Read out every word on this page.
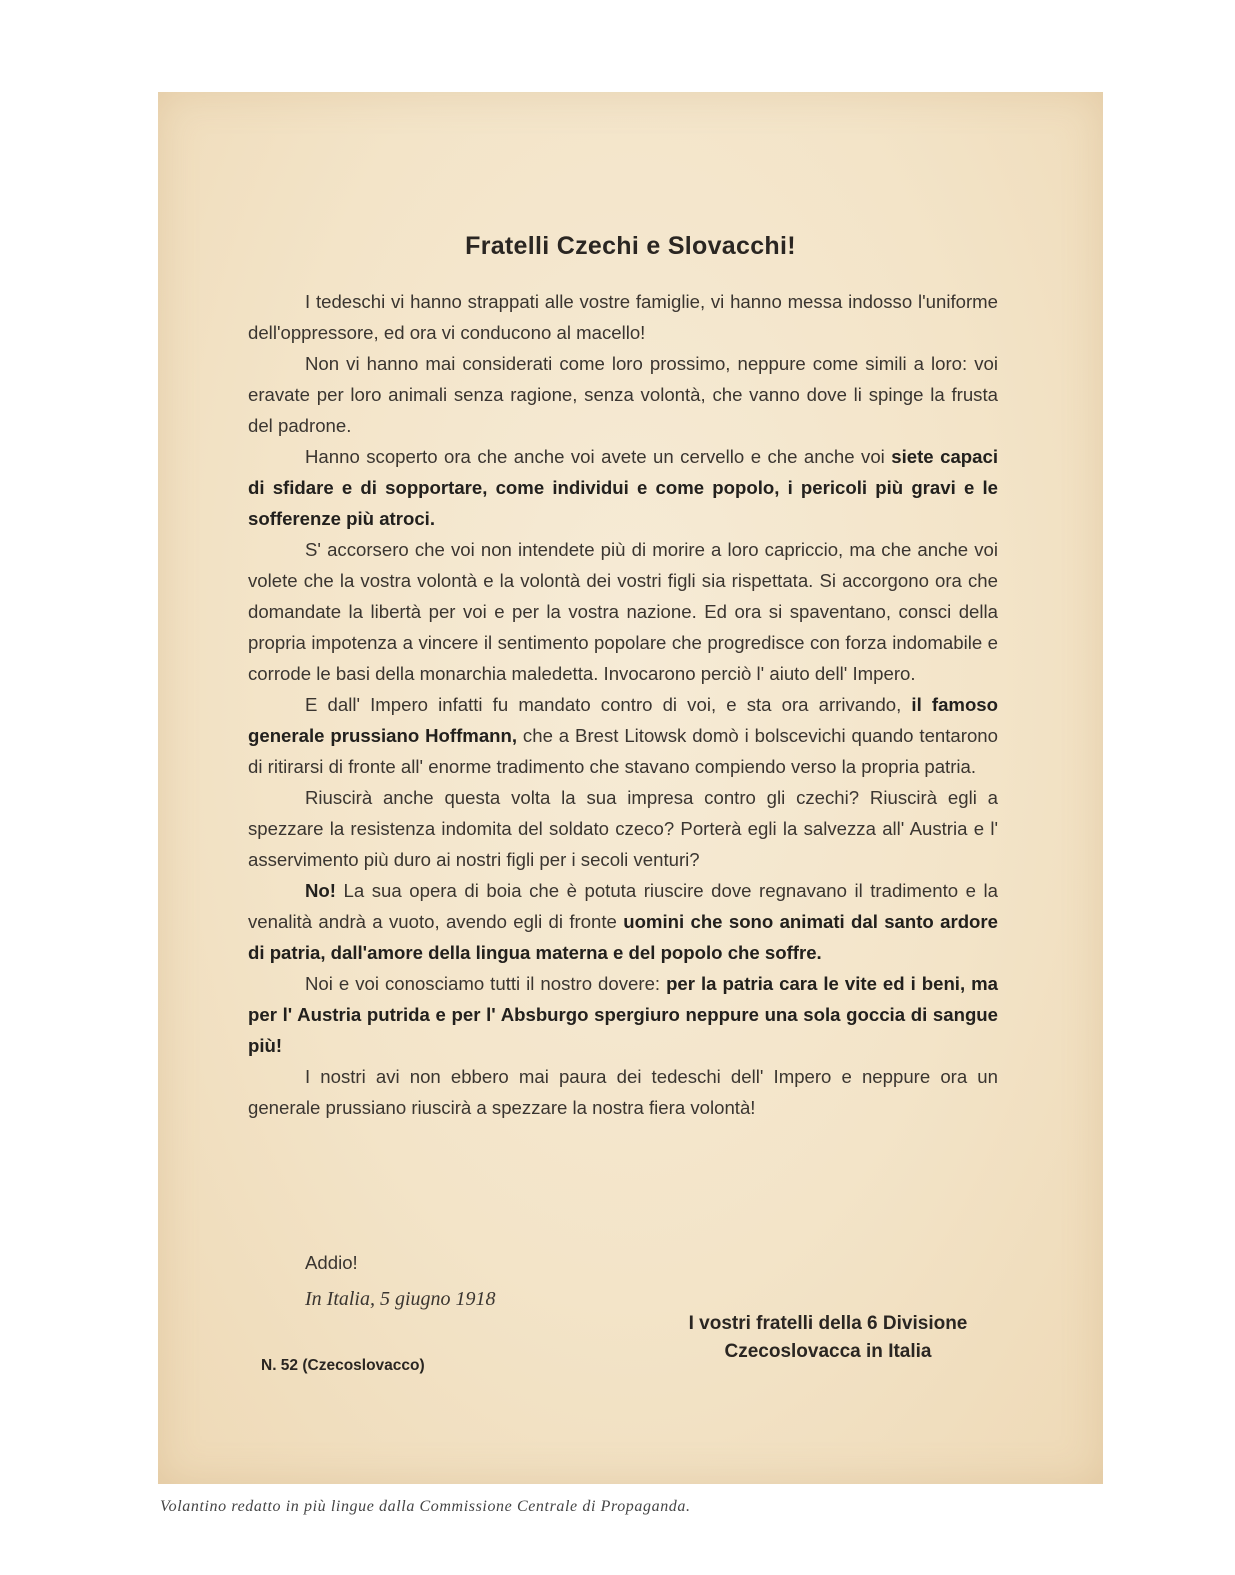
Fratelli Czechi e Slovacchi!

I tedeschi vi hanno strappati alle vostre famiglie, vi hanno messa indosso l'uniforme dell'oppressore, ed ora vi conducono al macello!

Non vi hanno mai considerati come loro prossimo, neppure come simili a loro: voi eravate per loro animali senza ragione, senza volontà, che vanno dove li spinge la frusta del padrone.

Hanno scoperto ora che anche voi avete un cervello e che anche voi siete capaci di sfidare e di sopportare, come individui e come popolo, i pericoli più gravi e le sofferenze più atroci.

S' accorsero che voi non intendete più di morire a loro capriccio, ma che anche voi volete che la vostra volontà e la volontà dei vostri figli sia rispettata. Si accorgono ora che domandate la libertà per voi e per la vostra nazione. Ed ora si spaventano, consci della propria impotenza a vincere il sentimento popolare che progredisce con forza indomabile e corrode le basi della monarchia maledetta. Invocarono perciò l' aiuto dell' Impero.

E dall' Impero infatti fu mandato contro di voi, e sta ora arrivando, il famoso generale prussiano Hoffmann, che a Brest Litowsk domò i bolscevichi quando tentarono di ritirarsi di fronte all' enorme tradimento che stavano compiendo verso la propria patria.

Riuscirà anche questa volta la sua impresa contro gli czechi? Riuscirà egli a spezzare la resistenza indomita del soldato czeco? Porterà egli la salvezza all' Austria e l' asservimento più duro ai nostri figli per i secoli venturi?

No! La sua opera di boia che è potuta riuscire dove regnavano il tradimento e la venalità andrà a vuoto, avendo egli di fronte uomini che sono animati dal santo ardore di patria, dall'amore della lingua materna e del popolo che soffre.

Noi e voi conosciamo tutti il nostro dovere: per la patria cara le vite ed i beni, ma per l' Austria putrida e per l' Absburgo spergiuro neppure una sola goccia di sangue più!

I nostri avi non ebbero mai paura dei tedeschi dell' Impero e neppure ora un generale prussiano riuscirà a spezzare la nostra fiera volontà!

Addio!
In Italia, 5 giugno 1918
I vostri fratelli della 6 Divisione
Czecoslovacca in Italia
N. 52 (Czecoslovacco)

Volantino redatto in più lingue dalla Commissione Centrale di Propaganda.
